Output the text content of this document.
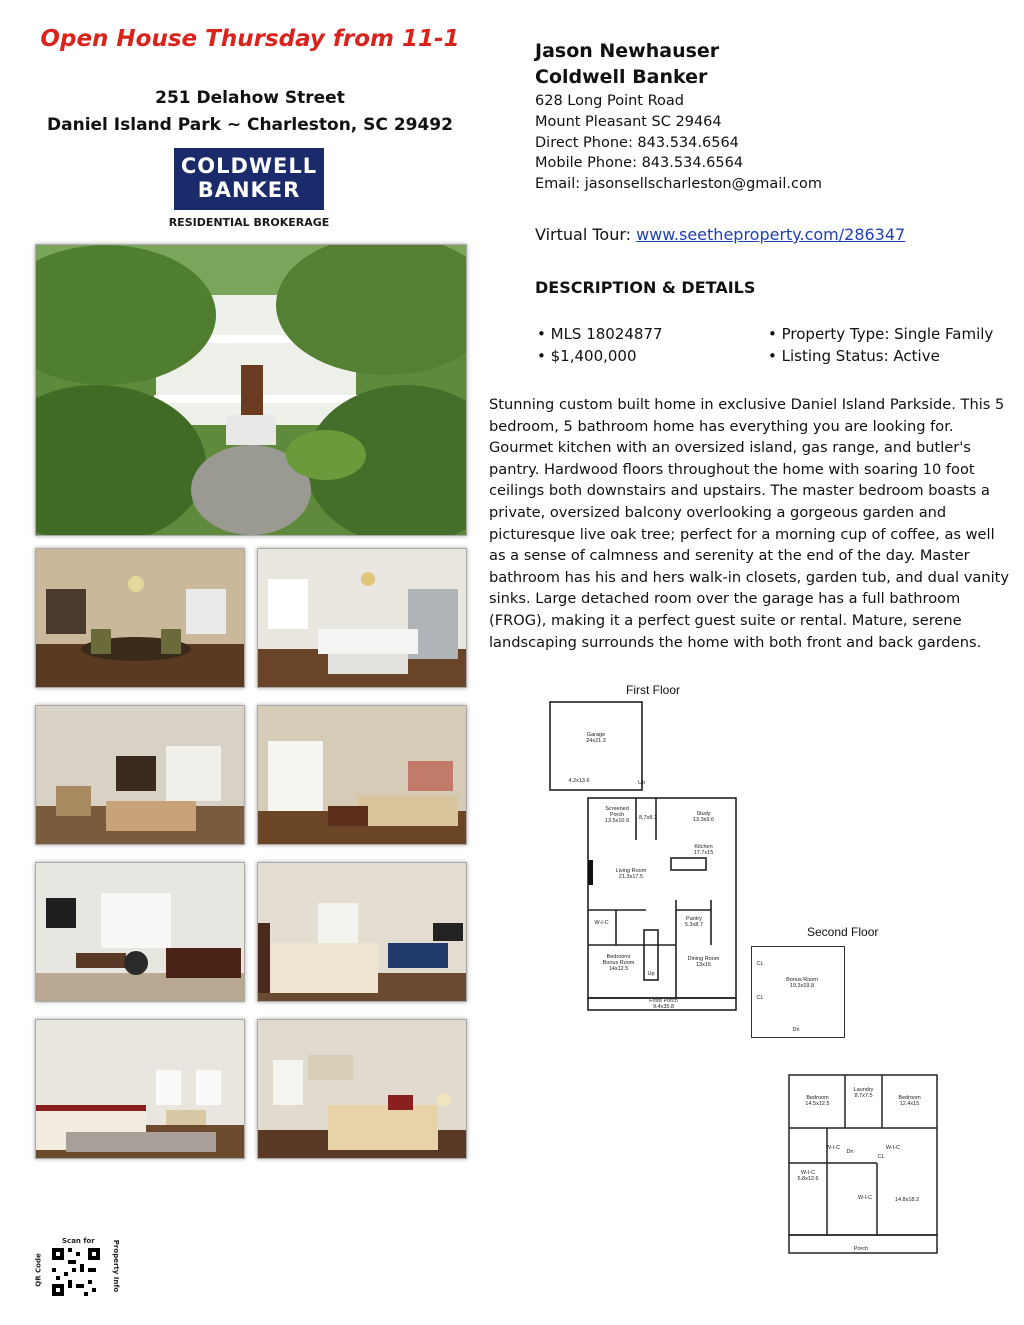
Open House Thursday from 11-1
251 Delahow Street
Daniel Island Park ~ Charleston, SC 29492
COLDWELL
BANKER
RESIDENTIAL BROKERAGE
Jason Newhauser
Coldwell Banker
628 Long Point Road
Mount Pleasant SC 29464
Direct Phone: 843.534.6564
Mobile Phone: 843.534.6564
Email: jasonsellscharleston@gmail.com
Virtual Tour: www.seetheproperty.com/286347
DESCRIPTION & DETAILS
• MLS 18024877
• $1,400,000
• Property Type: Single Family
• Listing Status: Active
Stunning custom built home in exclusive Daniel Island Parkside. This 5 bedroom, 5 bathroom home has everything you are looking for. Gourmet kitchen with an oversized island, gas range, and butler's pantry. Hardwood floors throughout the home with soaring 10 foot ceilings both downstairs and upstairs. The master bedroom boasts a private, oversized balcony overlooking a gorgeous garden and picturesque live oak tree; perfect for a morning cup of coffee, as well as a sense of calmness and serenity at the end of the day. Master bathroom has his and hers walk-in closets, garden tub, and dual vanity sinks. Large detached room over the garage has a full bathroom (FROG), making it a perfect guest suite or rental. Mature, serene landscaping surrounds the home with both front and back gardens.
First Floor
Garage
24x21.3
4.2x13.6	Up
Screened
Porch
13.5x10.9	8.7x8.3
Study
13.3x9.6
Kitchen
17.7x15
Living Room
21.3x17.5
W-I-C
Pantry
5.3x8.7
Bedroom/
Bonus Room
14x12.5
Up
Dining Room
13x15
Front Porch
9.4x35.8
Second Floor
Bonus Room
19.3x19.8
CL
CL
Dn
Bedroom
14.5x12.5
Laundry
8.7x7.5	Bedroom
12.4x15
W-I-C
Dn
W-I-C
CL
W-I-C
5.8x12.6
W-I-C	14.8x18.2
Porch
Scan for
QR Code	Property Info
